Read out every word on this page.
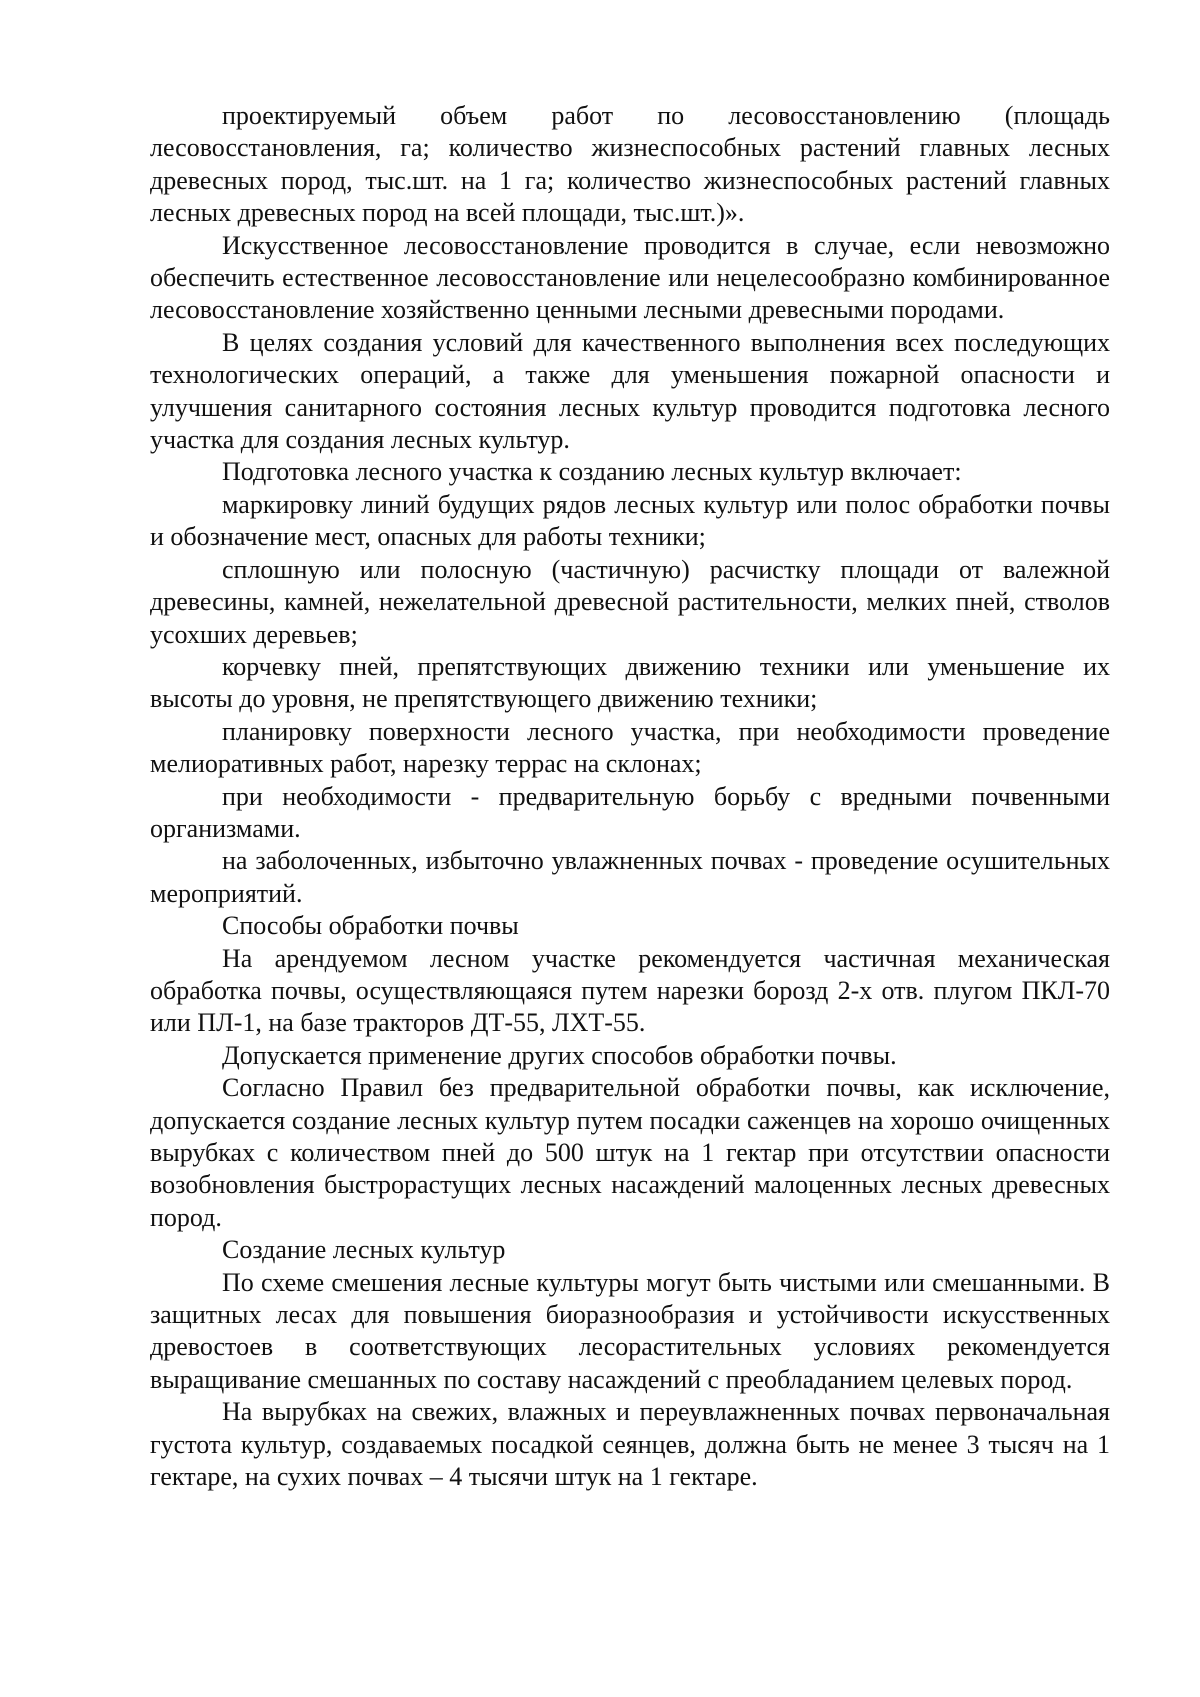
проектируемый объем работ по лесовосстановлению (площадь лесовосстановления, га; количество жизнеспособных растений главных лесных древесных пород, тыс.шт. на 1 га; количество жизнеспособных растений главных лесных древесных пород на всей площади, тыс.шт.)».

Искусственное лесовосстановление проводится в случае, если невозможно обеспечить естественное лесовосстановление или нецелесообразно комбинированное лесовосстановление хозяйственно ценными лесными древесными породами.

В целях создания условий для качественного выполнения всех последующих технологических операций, а также для уменьшения пожарной опасности и улучшения санитарного состояния лесных культур проводится подготовка лесного участка для создания лесных культур.

Подготовка лесного участка к созданию лесных культур включает:

маркировку линий будущих рядов лесных культур или полос обработки почвы и обозначение мест, опасных для работы техники;

сплошную или полосную (частичную) расчистку площади от валежной древесины, камней, нежелательной древесной растительности, мелких пней, стволов усохших деревьев;

корчевку пней, препятствующих движению техники или уменьшение их высоты до уровня, не препятствующего движению техники;

планировку поверхности лесного участка, при необходимости проведение мелиоративных работ, нарезку террас на склонах;

при необходимости - предварительную борьбу с вредными почвенными организмами.

на заболоченных, избыточно увлажненных почвах - проведение осушительных мероприятий.

Способы обработки почвы

На арендуемом лесном участке рекомендуется частичная механическая обработка почвы, осуществляющаяся путем нарезки борозд 2-х отв. плугом ПКЛ-70 или ПЛ-1, на базе тракторов ДТ-55, ЛХТ-55.

Допускается применение других способов обработки почвы.

Согласно Правил без предварительной обработки почвы, как исключение, допускается создание лесных культур путем посадки саженцев на хорошо очищенных вырубках с количеством пней до 500 штук на 1 гектар при отсутствии опасности возобновления быстрорастущих лесных насаждений малоценных лесных древесных пород.

Создание лесных культур

По схеме смешения лесные культуры могут быть чистыми или смешанными. В защитных лесах для повышения биоразнообразия и устойчивости искусственных древостоев в соответствующих лесорастительных условиях рекомендуется выращивание смешанных по составу насаждений с преобладанием целевых пород.

На вырубках на свежих, влажных и переувлажненных почвах первоначальная густота культур, создаваемых посадкой сеянцев, должна быть не менее 3 тысяч на 1 гектаре, на сухих почвах – 4 тысячи штук на 1 гектаре.
